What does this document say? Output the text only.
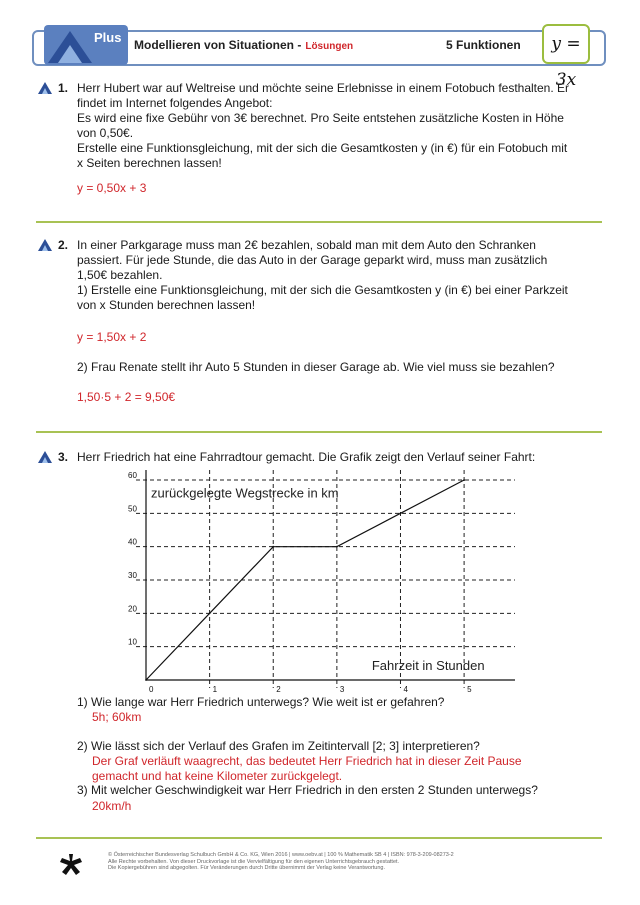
Plus Modellieren von Situationen - Lösungen	5 Funktionen	y = 3x
1. Herr Hubert war auf Weltreise und möchte seine Erlebnisse in einem Fotobuch festhalten. Er
findet im Internet folgendes Angebot:
Es wird eine fixe Gebühr von 3€ berechnet. Pro Seite entstehen zusätzliche Kosten in Höhe
von 0,50€.
Erstelle eine Funktionsgleichung, mit der sich die Gesamtkosten y (in €) für ein Fotobuch mit
x Seiten berechnen lassen!
y = 0,50x + 3
2. In einer Parkgarage muss man 2€ bezahlen, sobald man mit dem Auto den Schranken
passiert. Für jede Stunde, die das Auto in der Garage geparkt wird, muss man zusätzlich
1,50€ bezahlen.
1) Erstelle eine Funktionsgleichung, mit der sich die Gesamtkosten y (in €) bei einer Parkzeit
von x Stunden berechnen lassen!
y = 1,50x + 2
2) Frau Renate stellt ihr Auto 5 Stunden in dieser Garage ab. Wie viel muss sie bezahlen?
1,50·5 + 2 = 9,50€
3. Herr Friedrich hat eine Fahrradtour gemacht. Die Grafik zeigt den Verlauf seiner Fahrt:
10
20
30
40
50
60
0	1	2	3	4	5
zurückgelegte Wegstrecke in km
Fahrzeit in Stunden
1) Wie lange war Herr Friedrich unterwegs? Wie weit ist er gefahren?
5h; 60km
2) Wie lässt sich der Verlauf des Grafen im Zeitintervall [2; 3] interpretieren?
Der Graf verläuft waagrecht, das bedeutet Herr Friedrich hat in dieser Zeit Pause
gemacht und hat keine Kilometer zurückgelegt.
3) Mit welcher Geschwindigkeit war Herr Friedrich in den ersten 2 Stunden unterwegs?
20km/h
© Österreichischer Bundesverlag Schulbuch GmbH & Co. KG, Wien 2016 | www.oebv.at | 100 % Mathematik SB 4 | ISBN: 978-3-209-08273-2
Alle Rechte vorbehalten. Von dieser Druckvorlage ist die Vervielfältigung für den eigenen Unterrichtsgebrauch gestattet.
Die Kopiergebühren sind abgegolten. Für Veränderungen durch Dritte übernimmt der Verlag keine Verantwortung.
